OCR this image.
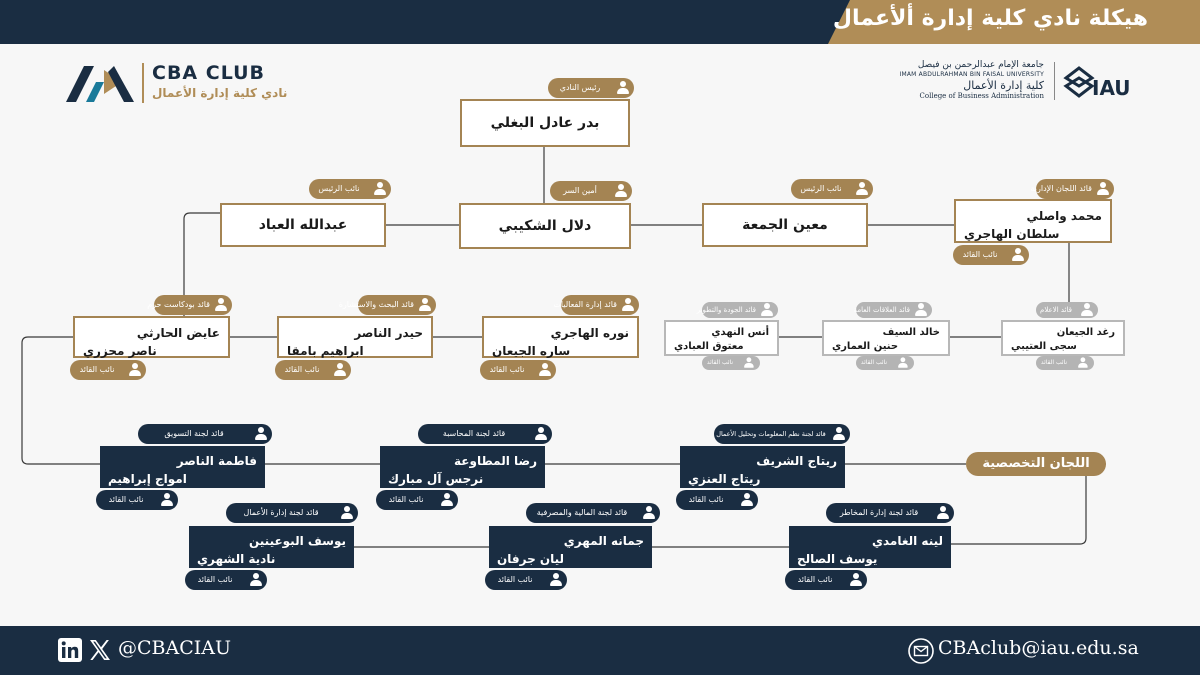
هيكلة نادي كلية إدارة ألأعمال
CBA CLUB
نادي كلية إدارة الأعمال
جامعة الإمام عبدالرحمن بن فيصل
IMAM ABDULRAHMAN BIN FAISAL UNIVERSITY
كلية إدارة الأعمال
College of Business Administration IAU
رئيس النادي
بدر عادل البغلي
أمين السر
دلال الشكيبي
نائب الرئيس
عبدالله العباد
نائب الرئيس
معين الجمعة
قائد اللجان الإدارية
محمد واصلي
سلطان الهاجري
نائب القائد
قائد بودكاست حرم
عايض الحارثي
ناصر محزري
نائب القائد
قائد البحث والاستشارة
حيدر الناصر
ابراهيم بامقا
نائب القائد
قائد إدارة الفعاليات
نوره الهاجري
ساره الجيعان
نائب القائد
قائد الجودة والتطوير
أنس النهدي
معتوق العبادي
نائب القائد
قائد العلاقات العامة
خالد السيف
حنين العماري
نائب القائد
قائد الاعلام
رغد الجيعان
سجى العتيبي
نائب القائد
اللجان التخصصية
قائد لجنة التسويق
فاطمة الناصر
امواج إبراهيم
نائب القائد
قائد لجنة المحاسبة
رضا المطاوعة
نرجس آل مبارك
نائب القائد
قائد لجنة نظم المعلومات وتحليل الأعمال
ريتاج الشريف
ريتاج العنزي
نائب القائد
قائد لجنة إدارة الأعمال
يوسف البوعينين
نادية الشهري
نائب القائد
قائد لجنة المالية والمصرفية
جمانه المهري
ليان جرفان
نائب القائد
قائد لجنة إدارة المخاطر
لينه الغامدي
يوسف الصالح
نائب القائد
@CBACIAU	CBAclub@iau.edu.sa
